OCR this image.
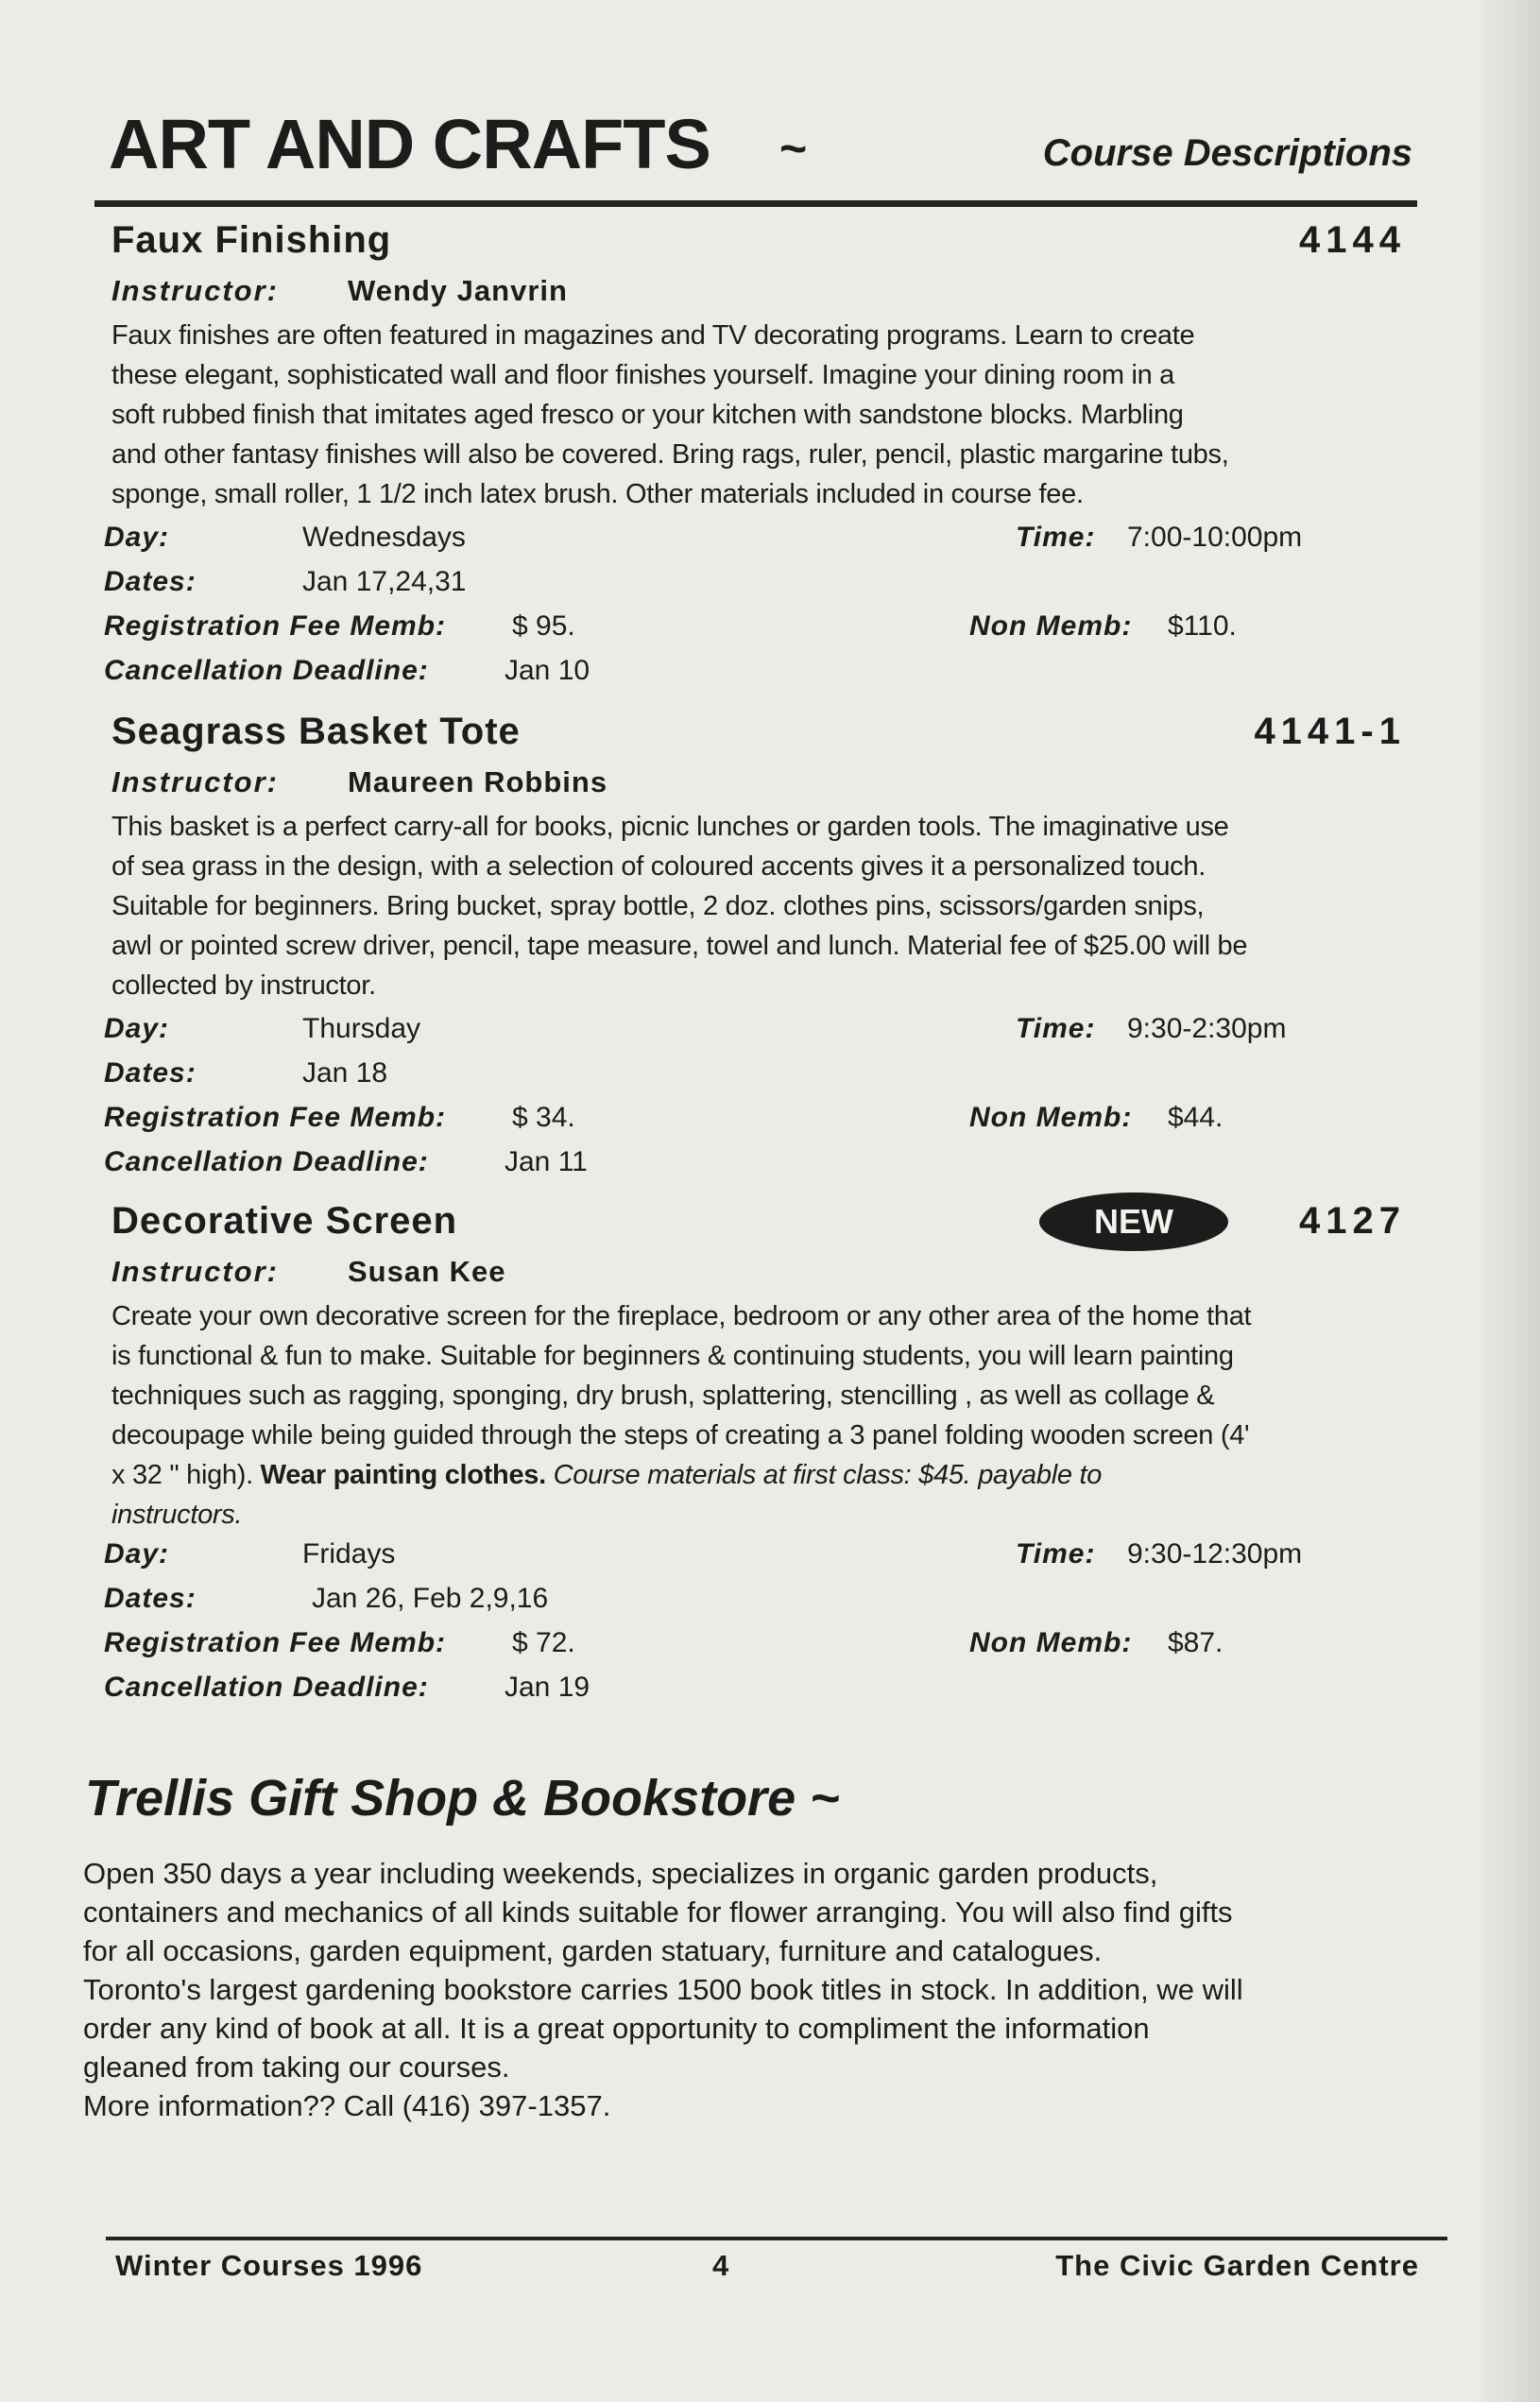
ART AND CRAFTS ~	Course Descriptions
Faux Finishing	4144
Instructor: Wendy Janvrin
Faux finishes are often featured in magazines and TV decorating programs. Learn to create
these elegant, sophisticated wall and floor finishes yourself. Imagine your dining room in a
soft rubbed finish that imitates aged fresco or your kitchen with sandstone blocks. Marbling
and other fantasy finishes will also be covered. Bring rags, ruler, pencil, plastic margarine tubs,
sponge, small roller, 1 1/2 inch latex brush. Other materials included in course fee.
Day:	Wednesdays	Time: 7:00-10:00pm
Dates:	Jan 17,24,31
Registration Fee Memb: $ 95.	Non Memb: $110.
Cancellation Deadline:	Jan 10
Seagrass Basket Tote	4141-1
Instructor: Maureen Robbins
This basket is a perfect carry-all for books, picnic lunches or garden tools. The imaginative use
of sea grass in the design, with a selection of coloured accents gives it a personalized touch.
Suitable for beginners. Bring bucket, spray bottle, 2 doz. clothes pins, scissors/garden snips,
awl or pointed screw driver, pencil, tape measure, towel and lunch. Material fee of $25.00 will be
collected by instructor.
Day:	Thursday	Time: 9:30-2:30pm
Dates:	Jan 18
Registration Fee Memb: $ 34.	Non Memb: $44.
Cancellation Deadline:	Jan 11
Decorative Screen	NEW	4127
Instructor: Susan Kee
Create your own decorative screen for the fireplace, bedroom or any other area of the home that
is functional & fun to make. Suitable for beginners & continuing students, you will learn painting
techniques such as ragging, sponging, dry brush, splattering, stencilling , as well as collage &
decoupage while being guided through the steps of creating a 3 panel folding wooden screen (4'
x 32 " high). Wear painting clothes. Course materials at first class: $45. payable to
instructors.
Day:	Fridays	Time: 9:30-12:30pm
Dates:	Jan 26, Feb 2,9,16
Registration Fee Memb: $ 72.	Non Memb: $87.
Cancellation Deadline:	Jan 19
Trellis Gift Shop & Bookstore ~
Open 350 days a year including weekends, specializes in organic garden products,
containers and mechanics of all kinds suitable for flower arranging. You will also find gifts
for all occasions, garden equipment, garden statuary, furniture and catalogues.
Toronto's largest gardening bookstore carries 1500 book titles in stock. In addition, we will
order any kind of book at all. It is a great opportunity to compliment the information
gleaned from taking our courses.
More information?? Call (416) 397-1357.
Winter Courses 1996	4	The Civic Garden Centre
